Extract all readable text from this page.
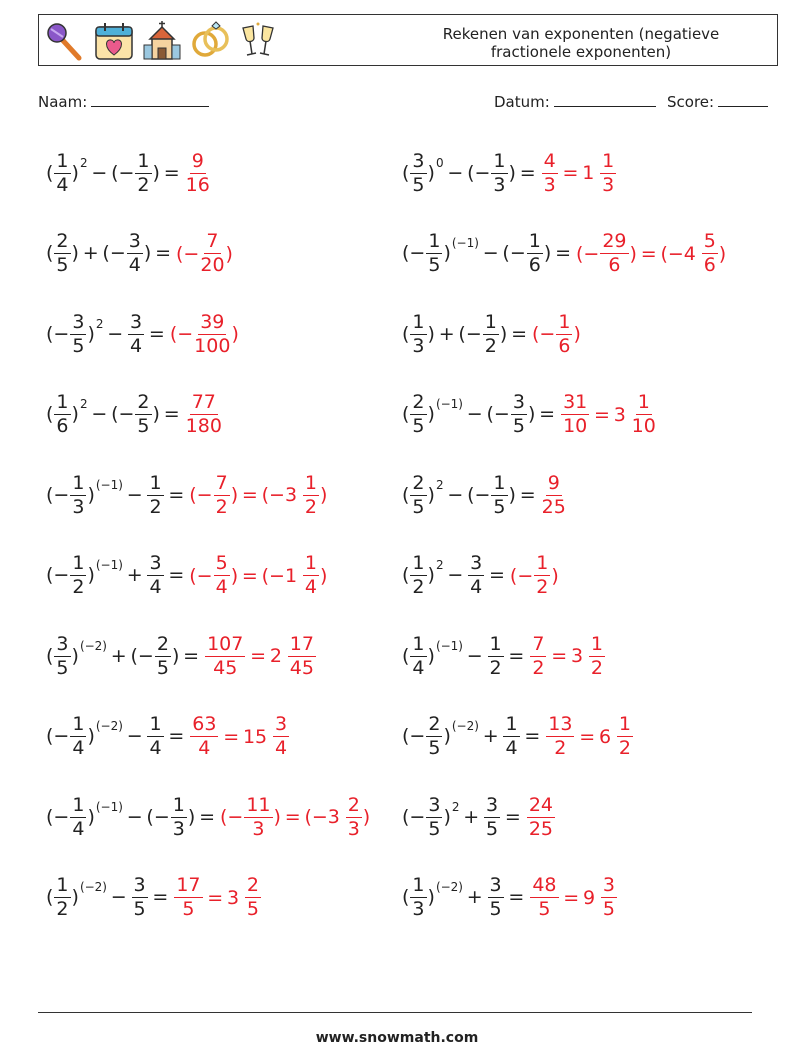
Rekenen van exponenten (negatieve fractionele exponenten)
Naam:	Datum:	Score:
( $\frac{1}{4} )^2$ − (− $\frac{1}{2}$ ) = $\frac{9}{16}$
( $\frac{2}{5}$ ) + (− $\frac{3}{4}$ ) = (− $\frac{7}{20}$ )
(− $\frac{3}{5} )^2 - \frac{3}{4}$  = (− $\frac{39}{100}$ )
( $\frac{1}{6} )^2$ − (− $\frac{2}{5}$ ) = $\frac{77}{180}$
(− $\frac{1}{3} )^{(-1)} - \frac{1}{2}$  = (− $\frac{7}{2}$ ) = (− 3
  $\frac{1}{2}$ )
(− $\frac{1}{2} )^{(-1)} + \frac{3}{4}$  = (− $\frac{5}{4}$ ) = (− 1
  $\frac{1}{4}$ )
( $\frac{3}{5} )^{(-2)}$ + (− $\frac{2}{5}$ ) = $\frac{107}{45} = 2$
  $\frac{17}{45}$
(− $\frac{1}{4} )^{(-2)} - \frac{1}{4} = \frac{63}{4} = 15$
  $\frac{3}{4}$
(− $\frac{1}{4} )^{(-1)}$ − (− $\frac{1}{3}$ ) = (− $\frac{11}{3}$ ) = (− 3
  $\frac{2}{3}$ )
( $\frac{1}{2} )^{(-2)} - \frac{3}{5} = \frac{17}{5} = 3$
  $\frac{2}{5}$
( $\frac{3}{5} )^0$ − (− $\frac{1}{3}$ ) = $\frac{4}{3} = 1$
  $\frac{1}{3}$
(− $\frac{1}{5} )^{(-1)}$ − (− $\frac{1}{6}$ ) = (− $\frac{29}{6}$ ) = (− 4
  $\frac{5}{6}$ )
( $\frac{1}{3}$ ) + (− $\frac{1}{2}$ ) = (− $\frac{1}{6}$ )
( $\frac{2}{5} )^{(-1)}$ − (− $\frac{3}{5}$ ) = $\frac{31}{10} = 3$
  $\frac{1}{10}$
( $\frac{2}{5} )^2$ − (− $\frac{1}{5}$ ) = $\frac{9}{25}$
( $\frac{1}{2} )^2 - \frac{3}{4}$  = (− $\frac{1}{2}$ )
( $\frac{1}{4} )^{(-1)} - \frac{1}{2} = \frac{7}{2} = 3$
  $\frac{1}{2}$
(− $\frac{2}{5} )^{(-2)} + \frac{1}{4} = \frac{13}{2} = 6$
  $\frac{1}{2}$
(− $\frac{3}{5} )^2 + \frac{3}{5} = \frac{24}{25}$
( $\frac{1}{3} )^{(-2)} + \frac{3}{5} = \frac{48}{5} = 9$
  $\frac{3}{5}$
www.snowmath.com
